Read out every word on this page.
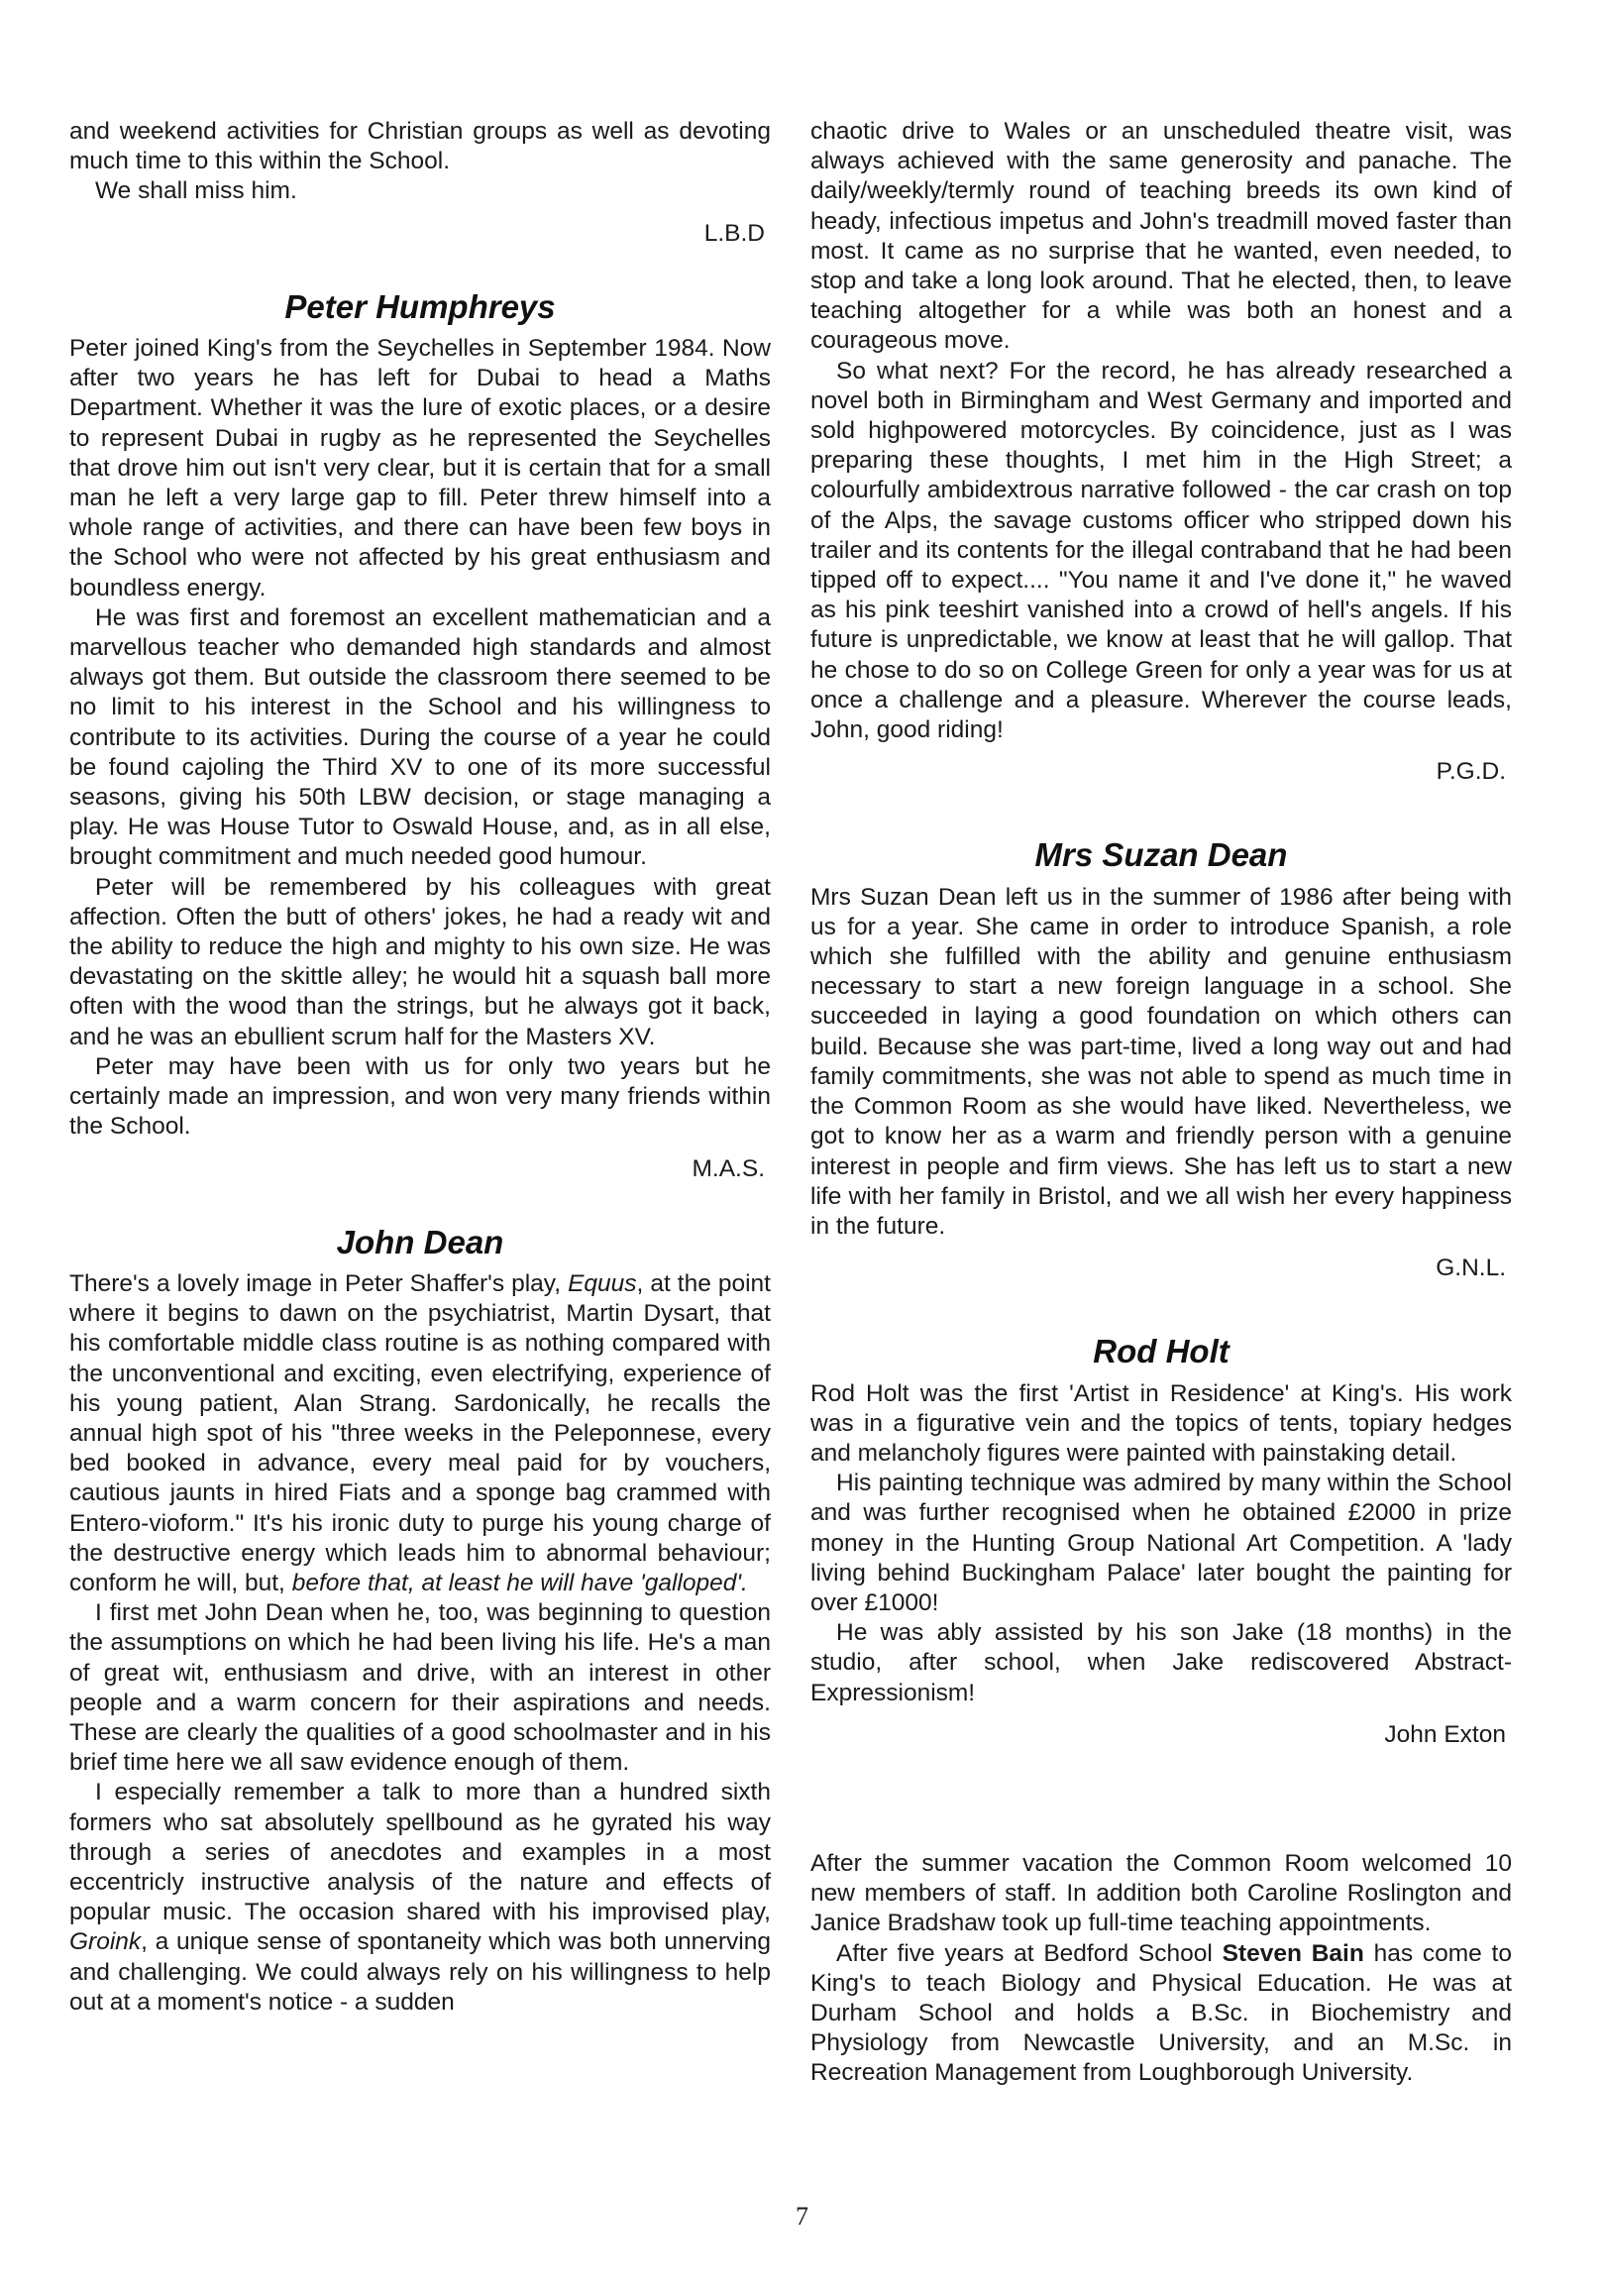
and weekend activities for Christian groups as well as devoting much time to this within the School.

We shall miss him.

L.B.D
Peter Humphreys

Peter joined King's from the Seychelles in September 1984. Now after two years he has left for Dubai to head a Maths Department. Whether it was the lure of exotic places, or a desire to represent Dubai in rugby as he represented the Seychelles that drove him out isn't very clear, but it is certain that for a small man he left a very large gap to fill. Peter threw himself into a whole range of activities, and there can have been few boys in the School who were not affected by his great enthusiasm and boundless energy.

He was first and foremost an excellent mathematician and a marvellous teacher who demanded high standards and almost always got them. But outside the classroom there seemed to be no limit to his interest in the School and his willingness to contribute to its activities. During the course of a year he could be found cajoling the Third XV to one of its more successful seasons, giving his 50th LBW decision, or stage managing a play. He was House Tutor to Oswald House, and, as in all else, brought commitment and much needed good humour.

Peter will be remembered by his colleagues with great affection. Often the butt of others' jokes, he had a ready wit and the ability to reduce the high and mighty to his own size. He was devastating on the skittle alley; he would hit a squash ball more often with the wood than the strings, but he always got it back, and he was an ebullient scrum half for the Masters XV.

Peter may have been with us for only two years but he certainly made an impression, and won very many friends within the School.

M.A.S.
John Dean

There's a lovely image in Peter Shaffer's play, Equus, at the point where it begins to dawn on the psychiatrist, Martin Dysart, that his comfortable middle class routine is as nothing compared with the unconventional and exciting, even electrifying, experience of his young patient, Alan Strang. Sardonically, he recalls the annual high spot of his "three weeks in the Peleponnese, every bed booked in advance, every meal paid for by vouchers, cautious jaunts in hired Fiats and a sponge bag crammed with Entero-vioform." It's his ironic duty to purge his young charge of the destructive energy which leads him to abnormal behaviour; conform he will, but, before that, at least he will have 'galloped'.

I first met John Dean when he, too, was beginning to question the assumptions on which he had been living his life. He's a man of great wit, enthusiasm and drive, with an interest in other people and a warm concern for their aspirations and needs. These are clearly the qualities of a good schoolmaster and in his brief time here we all saw evidence enough of them.

I especially remember a talk to more than a hundred sixth formers who sat absolutely spellbound as he gyrated his way through a series of anecdotes and examples in a most eccentricly instructive analysis of the nature and effects of popular music. The occasion shared with his improvised play, Groink, a unique sense of spontaneity which was both unnerving and challenging. We could always rely on his willingness to help out at a moment's notice - a sudden

chaotic drive to Wales or an unscheduled theatre visit, was always achieved with the same generosity and panache. The daily/weekly/termly round of teaching breeds its own kind of heady, infectious impetus and John's treadmill moved faster than most. It came as no surprise that he wanted, even needed, to stop and take a long look around. That he elected, then, to leave teaching altogether for a while was both an honest and a courageous move.

So what next? For the record, he has already researched a novel both in Birmingham and West Germany and imported and sold highpowered motorcycles. By coincidence, just as I was preparing these thoughts, I met him in the High Street; a colourfully ambidextrous narrative followed - the car crash on top of the Alps, the savage customs officer who stripped down his trailer and its contents for the illegal contraband that he had been tipped off to expect.... "You name it and I've done it," he waved as his pink teeshirt vanished into a crowd of hell's angels. If his future is unpredictable, we know at least that he will gallop. That he chose to do so on College Green for only a year was for us at once a challenge and a pleasure. Wherever the course leads, John, good riding!

P.G.D.
Mrs Suzan Dean

Mrs Suzan Dean left us in the summer of 1986 after being with us for a year. She came in order to introduce Spanish, a role which she fulfilled with the ability and genuine enthusiasm necessary to start a new foreign language in a school. She succeeded in laying a good foundation on which others can build. Because she was part-time, lived a long way out and had family commitments, she was not able to spend as much time in the Common Room as she would have liked. Nevertheless, we got to know her as a warm and friendly person with a genuine interest in people and firm views. She has left us to start a new life with her family in Bristol, and we all wish her every happiness in the future.

G.N.L.
Rod Holt

Rod Holt was the first 'Artist in Residence' at King's. His work was in a figurative vein and the topics of tents, topiary hedges and melancholy figures were painted with painstaking detail.

His painting technique was admired by many within the School and was further recognised when he obtained £2000 in prize money in the Hunting Group National Art Competition. A 'lady living behind Buckingham Palace' later bought the painting for over £1000!

He was ably assisted by his son Jake (18 months) in the studio, after school, when Jake rediscovered Abstract-Expressionism!

John Exton

After the summer vacation the Common Room welcomed 10 new members of staff. In addition both Caroline Roslington and Janice Bradshaw took up full-time teaching appointments.

After five years at Bedford School Steven Bain has come to King's to teach Biology and Physical Education. He was at Durham School and holds a B.Sc. in Biochemistry and Physiology from Newcastle University, and an M.Sc. in Recreation Management from Loughborough University.

7
